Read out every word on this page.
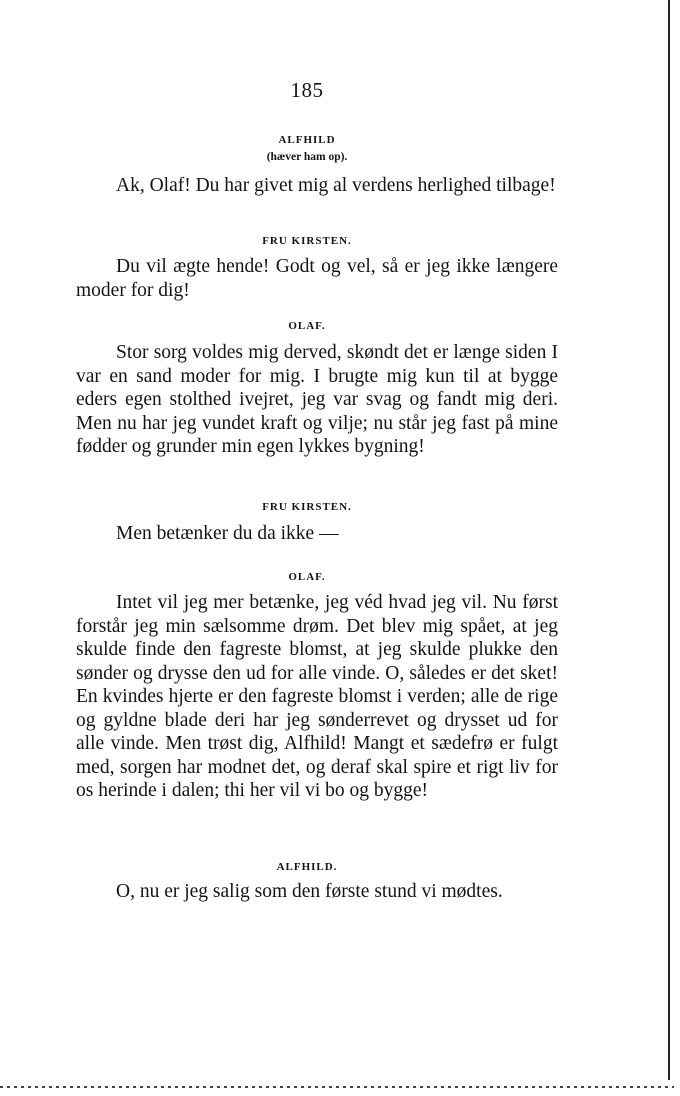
185
ALFHILD
(hæver ham op).

Ak, Olaf! Du har givet mig al verdens herlighed tilbage!

FRU KIRSTEN.

Du vil ægte hende! Godt og vel, så er jeg ikke længere moder for dig!

OLAF.

Stor sorg voldes mig derved, skøndt det er længe siden I var en sand moder for mig. I brugte mig kun til at bygge eders egen stolthed ivejret, jeg var svag og fandt mig deri. Men nu har jeg vundet kraft og vilje; nu står jeg fast på mine fødder og grunder min egen lykkes bygning!

FRU KIRSTEN.

Men betænker du da ikke —

OLAF.

Intet vil jeg mer betænke, jeg véd hvad jeg vil. Nu først forstår jeg min sælsomme drøm. Det blev mig spået, at jeg skulde finde den fagreste blomst, at jeg skulde plukke den sønder og drysse den ud for alle vinde. O, således er det sket! En kvindes hjerte er den fagreste blomst i verden; alle de rige og gyldne blade deri har jeg sønderrevet og drysset ud for alle vinde. Men trøst dig, Alfhild! Mangt et sædefrø er fulgt med, sorgen har modnet det, og deraf skal spire et rigt liv for os herinde i dalen; thi her vil vi bo og bygge!

ALFHILD.

O, nu er jeg salig som den første stund vi mødtes.
